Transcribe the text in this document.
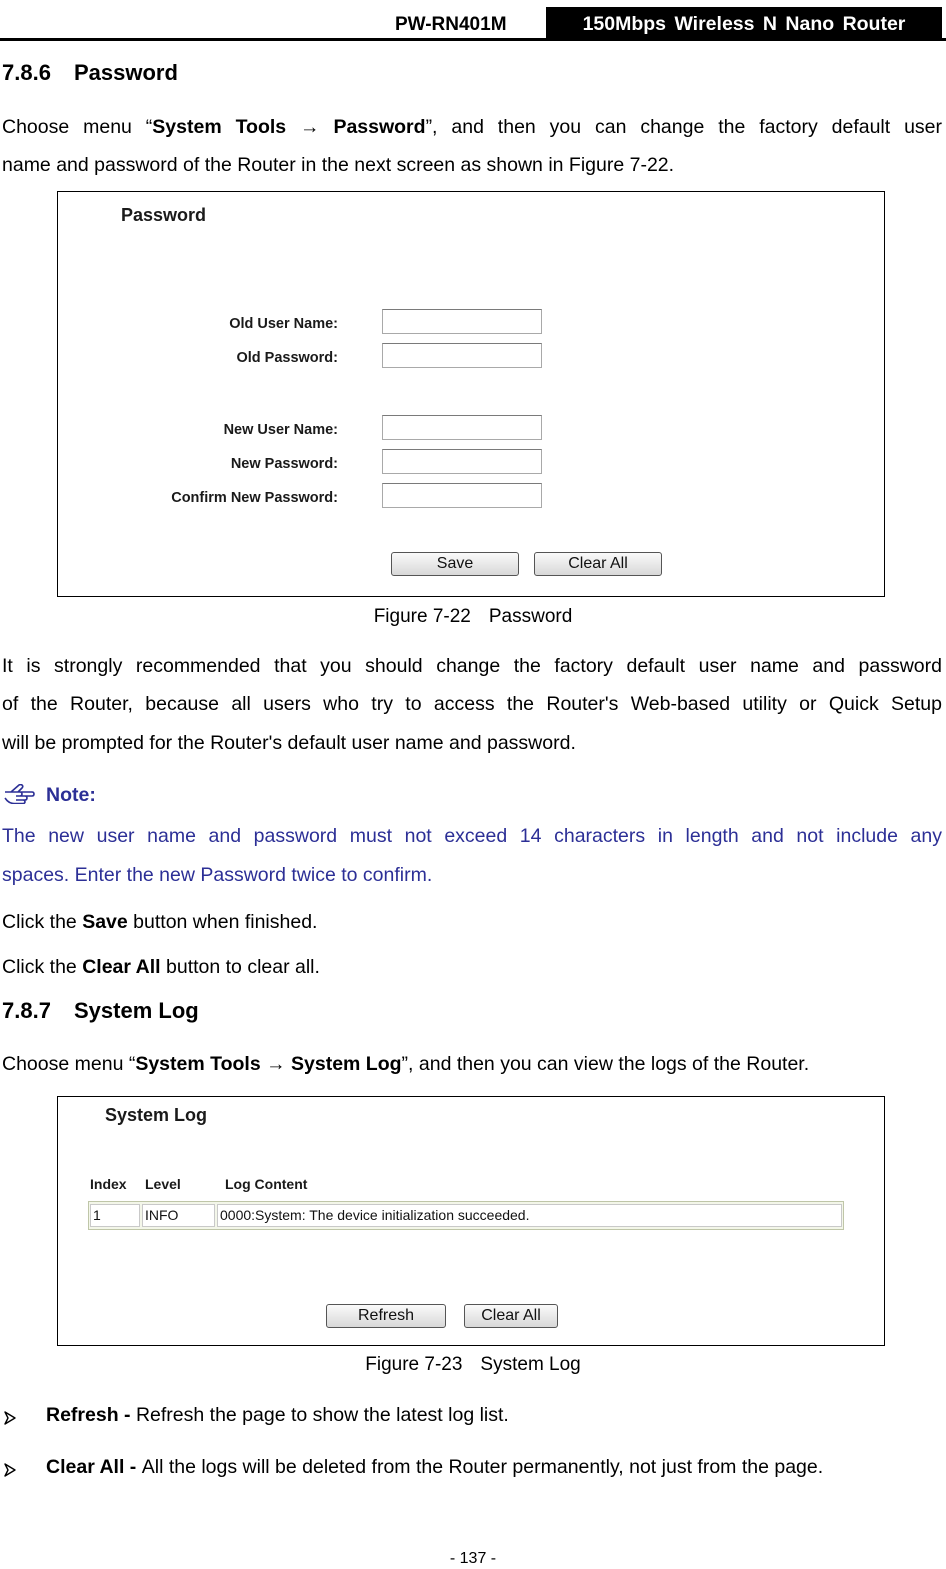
PW-RN401M	150Mbps Wireless N Nano Router
7.8.6 Password
Choose menu “System Tools → Password”, and then you can change the factory default user
name and password of the Router in the next screen as shown in Figure 7-22.
Password
Old User Name:
Old Password:
New User Name:
New Password:
Confirm New Password:
Save	Clear All
Figure 7-22 Password
It is strongly recommended that you should change the factory default user name and password
of the Router, because all users who try to access the Router's Web-based utility or Quick Setup
will be prompted for the Router's default user name and password.
Note:
The new user name and password must not exceed 14 characters in length and not include any
spaces. Enter the new Password twice to confirm.
Click the Save button when finished.
Click the Clear All button to clear all.
7.8.7 System Log
Choose menu “System Tools → System Log”, and then you can view the logs of the Router.
System Log
Index Level	Log Content
1	INFO	0000:System: The device initialization succeeded.
Refresh	Clear All
Figure 7-23 System Log
Refresh - Refresh the page to show the latest log list.
Clear All - All the logs will be deleted from the Router permanently, not just from the page.
- 137 -
